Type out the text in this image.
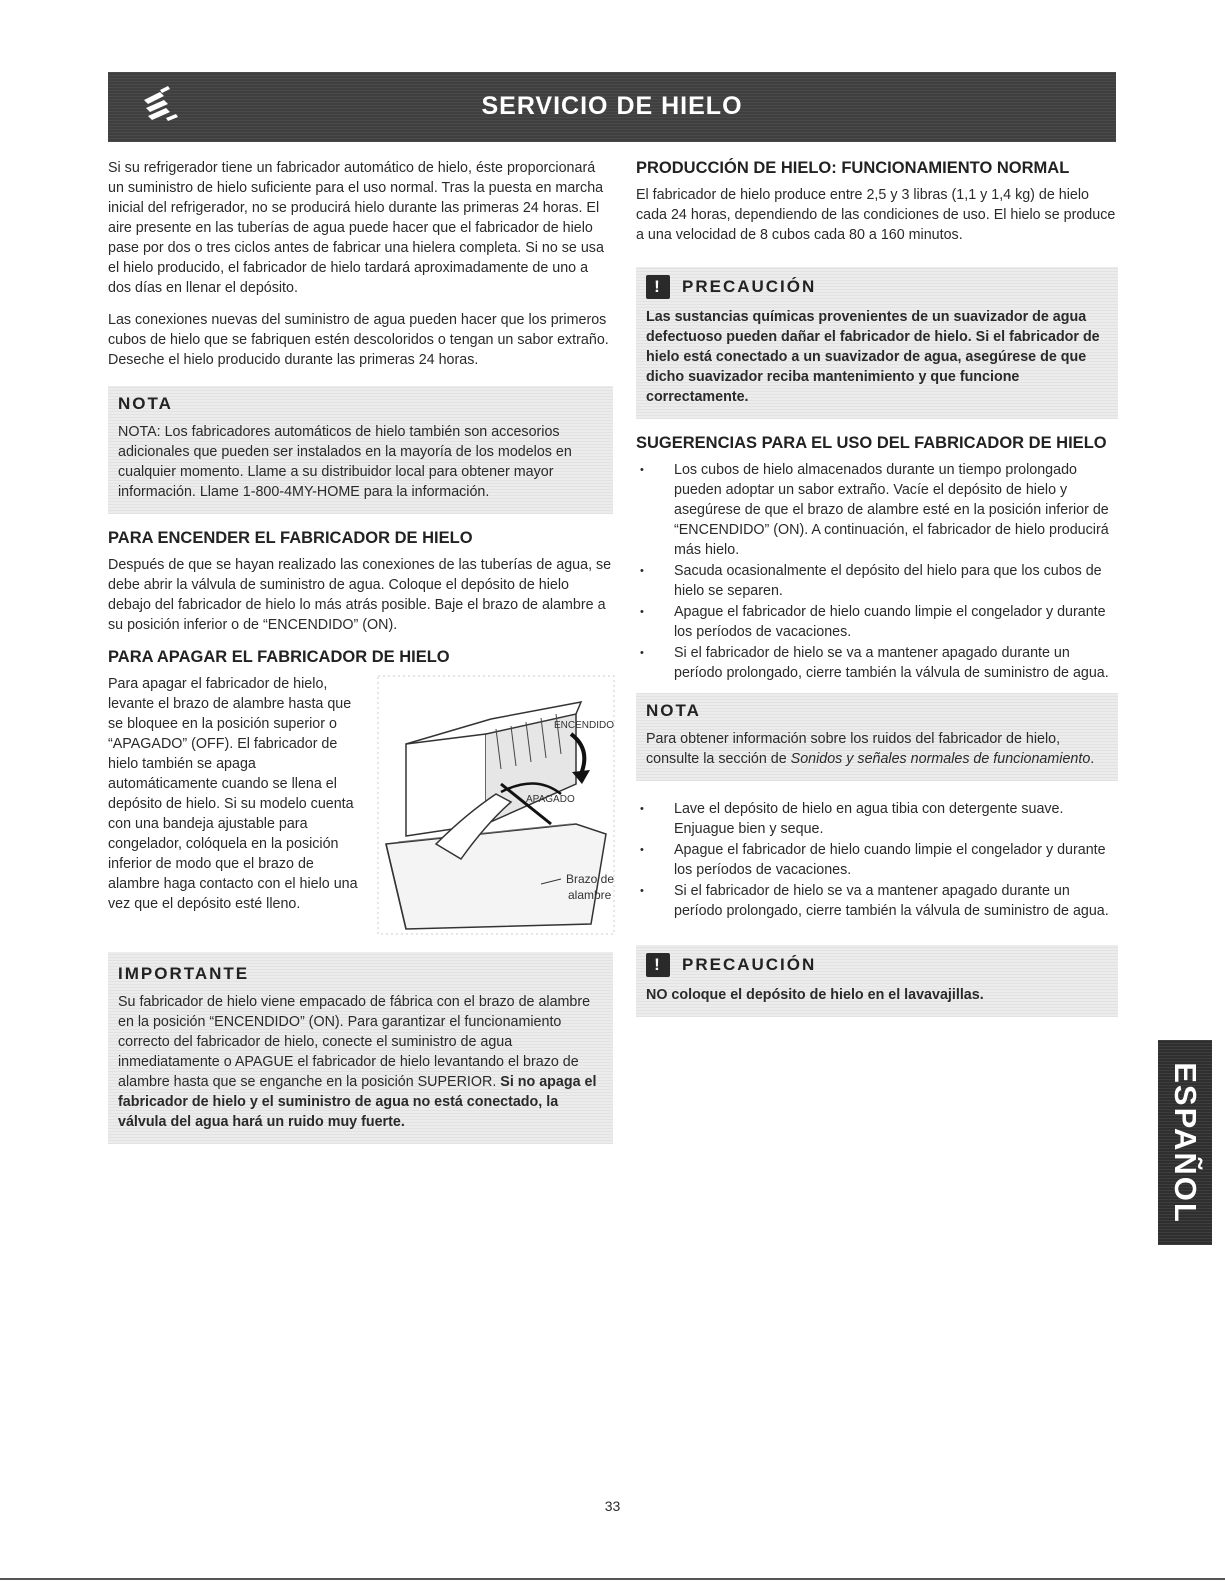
SERVICIO DE HIELO

Si su refrigerador tiene un fabricador automático de hielo, éste proporcionará un suministro de hielo suficiente para el uso normal. Tras la puesta en marcha inicial del refrigerador, no se producirá hielo durante las primeras 24 horas. El aire presente en las tuberías de agua puede hacer que el fabricador de hielo pase por dos o tres ciclos antes de fabricar una hielera completa. Si no se usa el hielo producido, el fabricador de hielo tardará aproximadamente de uno a dos días en llenar el depósito.

Las conexiones nuevas del suministro de agua pueden hacer que los primeros cubos de hielo que se fabriquen estén descoloridos o tengan un sabor extraño. Deseche el hielo producido durante las primeras 24 horas.

NOTA

NOTA: Los fabricadores automáticos de hielo también son accesorios adicionales que pueden ser instalados en la mayoría de los modelos en cualquier momento. Llame a su distribuidor local para obtener mayor información. Llame 1-800-4MY-HOME para la información.

PARA ENCENDER EL FABRICADOR DE HIELO

Después de que se hayan realizado las conexiones de las tuberías de agua, se debe abrir la válvula de suministro de agua. Coloque el depósito de hielo debajo del fabricador de hielo lo más atrás posible. Baje el brazo de alambre a su posición inferior o de “ENCENDIDO” (ON).

PARA APAGAR EL FABRICADOR DE HIELO

Para apagar el fabricador de hielo, levante el brazo de alambre hasta que se bloquee en la posición superior o “APAGADO” (OFF). El fabricador de hielo también se apaga automáticamente cuando se llena el depósito de hielo. Si su modelo cuenta con una bandeja ajustable para congelador, colóquela en la posición inferior de modo que el brazo de alambre haga contacto con el hielo una vez que el depósito esté lleno.

ENCENDIDO
APAGADO
Brazo de
alambre
IMPORTANTE

Su fabricador de hielo viene empacado de fábrica con el brazo de alambre en la posición “ENCENDIDO” (ON). Para garantizar el funcionamiento correcto del fabricador de hielo, conecte el suministro de agua inmediatamente o APAGUE el fabricador de hielo levantando el brazo de alambre hasta que se enganche en la posición SUPERIOR. Si no apaga el fabricador de hielo y el suministro de agua no está conectado, la válvula del agua hará un ruido muy fuerte.

PRODUCCIÓN DE HIELO: FUNCIONAMIENTO NORMAL

El fabricador de hielo produce entre 2,5 y 3 libras (1,1 y 1,4 kg) de hielo cada 24 horas, dependiendo de las condiciones de uso. El hielo se produce a una velocidad de 8 cubos cada 80 a 160 minutos.

!	PRECAUCIÓN

Las sustancias químicas provenientes de un suavizador de agua defectuoso pueden dañar el fabricador de hielo. Si el fabricador de hielo está conectado a un suavizador de agua, asegúrese de que dicho suavizador reciba mantenimiento y que funcione correctamente.

SUGERENCIAS PARA EL USO DEL FABRICADOR DE HIELO
• Los cubos de hielo almacenados durante un tiempo prolongado pueden adoptar un sabor extraño. Vacíe el depósito de hielo y asegúrese de que el brazo de alambre esté en la posición inferior de “ENCENDIDO” (ON). A continuación, el fabricador de hielo producirá más hielo.
• Sacuda ocasionalmente el depósito del hielo para que los cubos de hielo se separen.
• Apague el fabricador de hielo cuando limpie el congelador y durante los períodos de vacaciones.
• Si el fabricador de hielo se va a mantener apagado durante un período prolongado, cierre también la válvula de suministro de agua.
NOTA

Para obtener información sobre los ruidos del fabricador de hielo, consulte la sección de Sonidos y señales normales de funcionamiento.

• Lave el depósito de hielo en agua tibia con detergente suave. Enjuague bien y seque.
• Apague el fabricador de hielo cuando limpie el congelador y durante los períodos de vacaciones.
• Si el fabricador de hielo se va a mantener apagado durante un período prolongado, cierre también la válvula de suministro de agua.
!	PRECAUCIÓN

NO coloque el depósito de hielo en el lavavajillas.

ESPAÑOL
33
